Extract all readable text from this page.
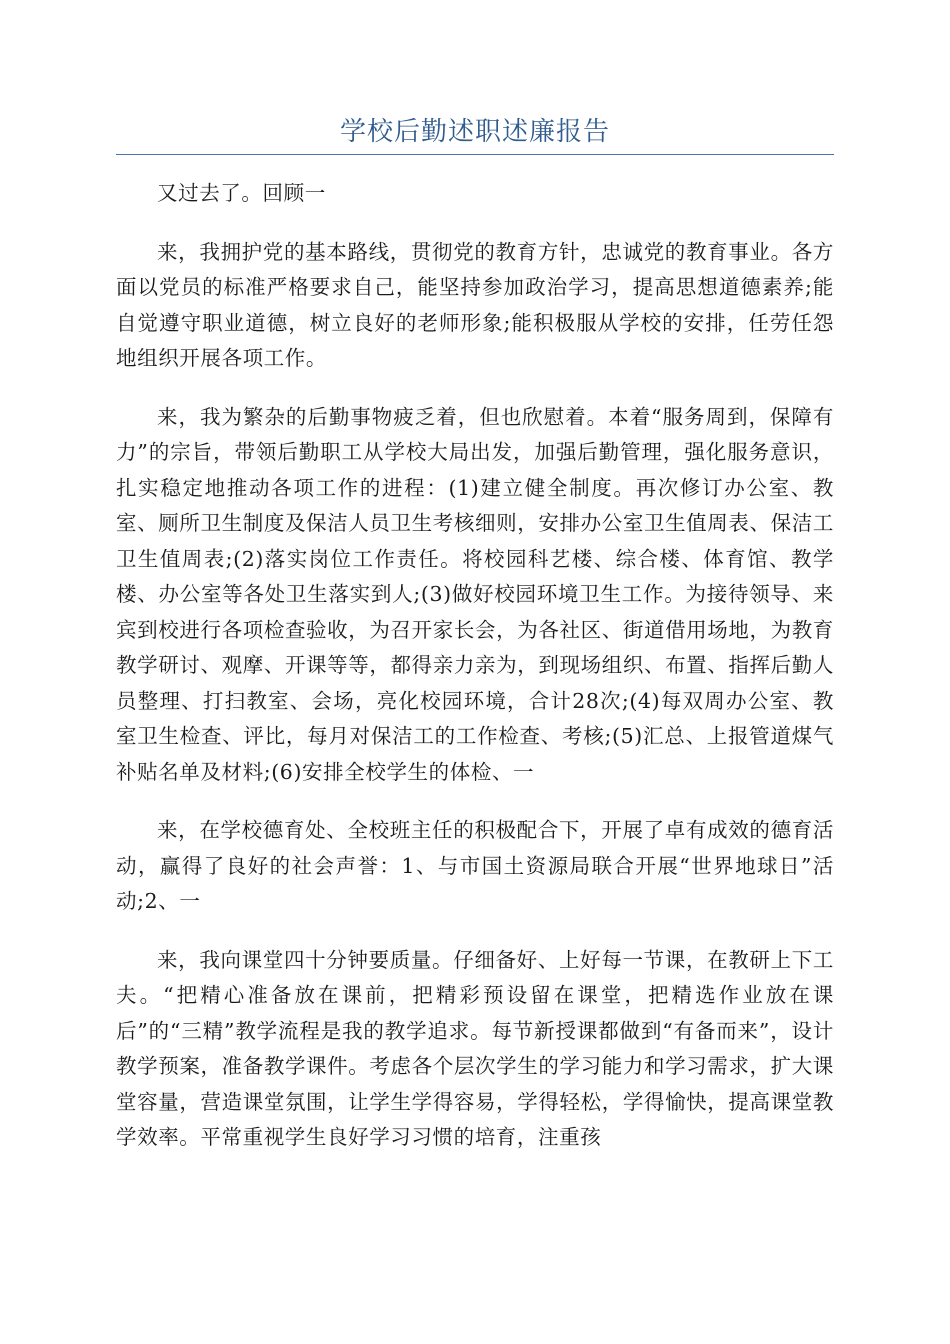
学校后勤述职述廉报告

又过去了。回顾一

来，我拥护党的基本路线，贯彻党的教育方针，忠诚党的教育事业。各方面以党员的标准严格要求自己，能坚持参加政治学习，提高思想道德素养;能自觉遵守职业道德，树立良好的老师形象;能积极服从学校的安排，任劳任怨地组织开展各项工作。

来，我为繁杂的后勤事物疲乏着，但也欣慰着。本着“服务周到，保障有力”的宗旨，带领后勤职工从学校大局出发，加强后勤管理，强化服务意识，扎实稳定地推动各项工作的进程：(1)建立健全制度。再次修订办公室、教室、厕所卫生制度及保洁人员卫生考核细则，安排办公室卫生值周表、保洁工卫生值周表;(2)落实岗位工作责任。将校园科艺楼、综合楼、体育馆、教学楼、办公室等各处卫生落实到人;(3)做好校园环境卫生工作。为接待领导、来宾到校进行各项检查验收，为召开家长会，为各社区、街道借用场地，为教育教学研讨、观摩、开课等等，都得亲力亲为，到现场组织、布置、指挥后勤人员整理、打扫教室、会场，亮化校园环境，合计28次;(4)每双周办公室、教室卫生检查、评比，每月对保洁工的工作检查、考核;(5)汇总、上报管道煤气补贴名单及材料;(6)安排全校学生的体检、一

来，在学校德育处、全校班主任的积极配合下，开展了卓有成效的德育活动，赢得了良好的社会声誉：1、与市国土资源局联合开展“世界地球日”活动;2、一

来，我向课堂四十分钟要质量。仔细备好、上好每一节课，在教研上下工夫。“把精心准备放在课前，把精彩预设留在课堂，把精选作业放在课后”的“三精”教学流程是我的教学追求。每节新授课都做到“有备而来”，设计教学预案，准备教学课件。考虑各个层次学生的学习能力和学习需求，扩大课堂容量，营造课堂氛围，让学生学得容易，学得轻松，学得愉快，提高课堂教学效率。平常重视学生良好学习习惯的培育，注重孩
